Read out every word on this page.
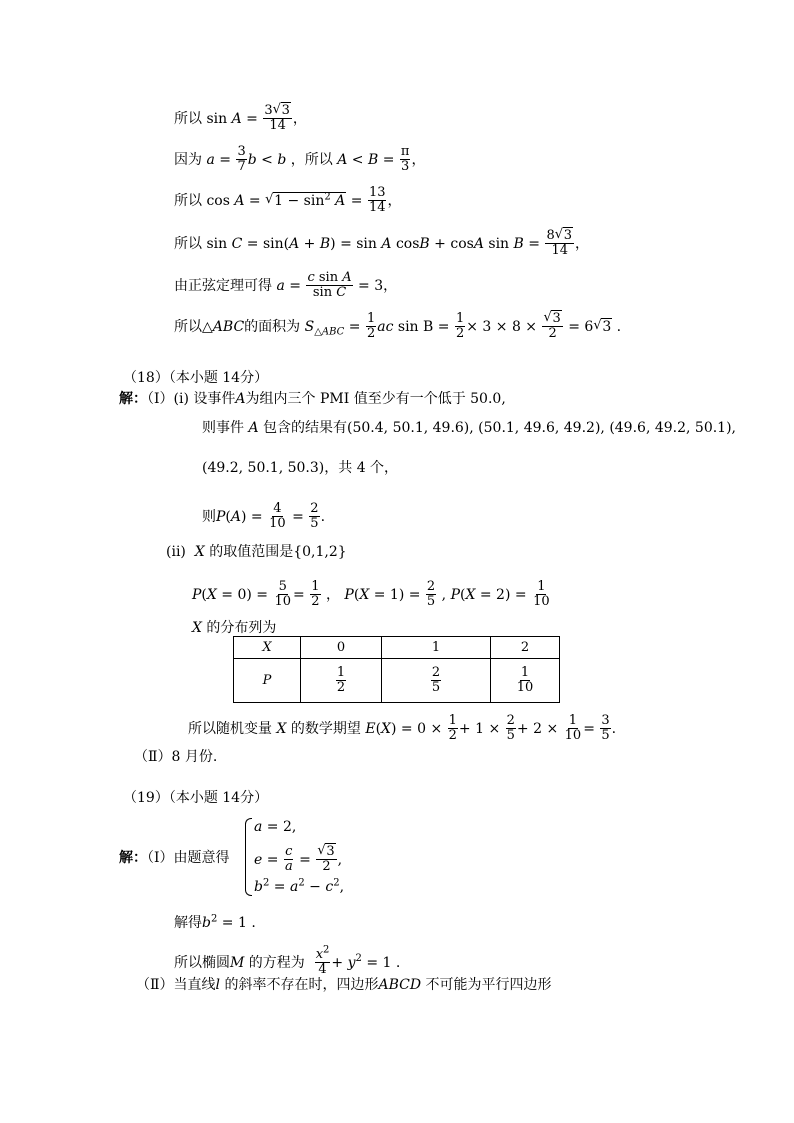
所以 $\sin A = \frac{3 √ 3}{14}$ ，
因为 $a = \frac{3}{7}$ b < b ，所以 $A < B = \frac{\pi}{3}$ ，
所以 cos A = √ $1 - \sin^2 A = \frac{13}{14}$ ，
所以 sin C = sin(A + B) = sin A cosB + cosA $\sin B = \frac{8 √ 3}{14}$ ，
由正弦定理可得 $a = \frac{\text{c sin A}}{\text{sin C}} = 3$，
所以△ABC的面积为 $S_{\triangle ABC} = \frac{1}{2}$ ac $\sin B = \frac{1}{2} \times 3 \times 8$ × √ $\frac{3}{2} = 6$ √ 3 .
（18）（本小题 14分）
解：（Ⅰ）(i) 设事件A为组内三个 PMI 值至少有一个低于 50.0,
则事件 A 包含的结果有(50.4, 50.1, 49.6), (50.1, 49.6, 49.2), (49.6, 49.2, 50.1),
(49.2, 50.1, 50.3)，共 4 个，
则$P(A) = \frac{4}{10} = \frac{2}{5}$ .
(ii) X 的取值范围是{0,1,2}
$P(X = 0) = \frac{5}{10} = \frac{1}{2}$ ， $P(X = 1) = \frac{2}{5}$ , $P(X = 2) = \frac{1}{10}$
X 的分布列为
X	0	1	2
P	$\frac{1}{2}$	$\frac{2}{5}$	$\frac{1}{10}$
所以随机变量 X 的数学期望 $E(X) = 0 \times \frac{1}{2} + 1 \times \frac{2}{5} + 2 \times \frac{1}{10} = \frac{3}{5}$ .
（Ⅱ）8 月份.
（19）（本小题 14分）
解：（Ⅰ）由题意得
a = 2,
$e = \frac{c}{a}$ = √ $\frac{3}{2}$ ,
$b^2 = a^2 - c^2$,
解得$b^2 = 1$ .
所以椭圆M 的方程为 $\frac{x^2}{4} + y^2 = 1$ .
（Ⅱ）当直线l 的斜率不存在时，四边形ABCD 不可能为平行四边形
